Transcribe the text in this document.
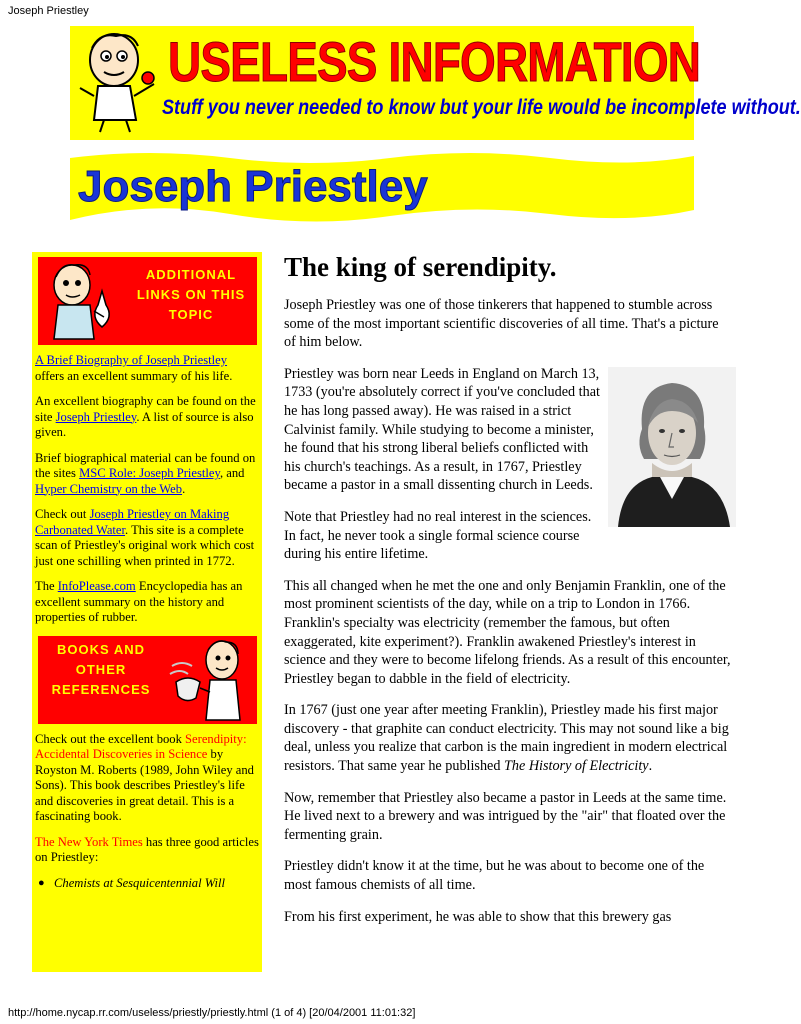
Joseph Priestley
USELESS INFORMATION
Stuff you never needed to know but your life would be incomplete without.
Joseph Priestley
ADDITIONAL LINKS ON THIS TOPIC

A Brief Biography of Joseph Priestley offers an excellent summary of his life.

An excellent biography can be found on the site Joseph Priestley. A list of source is also given.

Brief biographical material can be found on the sites MSC Role: Joseph Priestley, and Hyper Chemistry on the Web.

Check out Joseph Priestley on Making Carbonated Water. This site is a complete scan of Priestley's original work which cost just one schilling when printed in 1772.

The InfoPlease.com Encyclopedia has an excellent summary on the history and properties of rubber.

BOOKS AND OTHER REFERENCES

Check out the excellent book Serendipity: Accidental Discoveries in Science by Royston M. Roberts (1989, John Wiley and Sons). This book describes Priestley's life and discoveries in great detail. This is a fascinating book.

The New York Times has three good articles on Priestley:

● Chemists at Sesquicentennial Will
The king of serendipity.

Joseph Priestley was one of those tinkerers that happened to stumble across some of the most important scientific discoveries of all time. That's a picture of him below.

Priestley was born near Leeds in England on March 13, 1733 (you're absolutely correct if you've concluded that he has long passed away). He was raised in a strict Calvinist family. While studying to become a minister, he found that his strong liberal beliefs conflicted with his church's teachings. As a result, in 1767, Priestley became a pastor in a small dissenting church in Leeds.

Note that Priestley had no real interest in the sciences. In fact, he never took a single formal science course during his entire lifetime.

This all changed when he met the one and only Benjamin Franklin, one of the most prominent scientists of the day, while on a trip to London in 1766. Franklin's specialty was electricity (remember the famous, but often exaggerated, kite experiment?). Franklin awakened Priestley's interest in science and they were to become lifelong friends. As a result of this encounter, Priestley began to dabble in the field of electricity.

In 1767 (just one year after meeting Franklin), Priestley made his first major discovery - that graphite can conduct electricity. This may not sound like a big deal, unless you realize that carbon is the main ingredient in modern electrical resistors. That same year he published The History of Electricity.

Now, remember that Priestley also became a pastor in Leeds at the same time. He lived next to a brewery and was intrigued by the "air" that floated over the fermenting grain.

Priestley didn't know it at the time, but he was about to become one of the most famous chemists of all time.

From his first experiment, he was able to show that this brewery gas

http://home.nycap.rr.com/useless/priestly/priestly.html (1 of 4) [20/04/2001 11:01:32]
